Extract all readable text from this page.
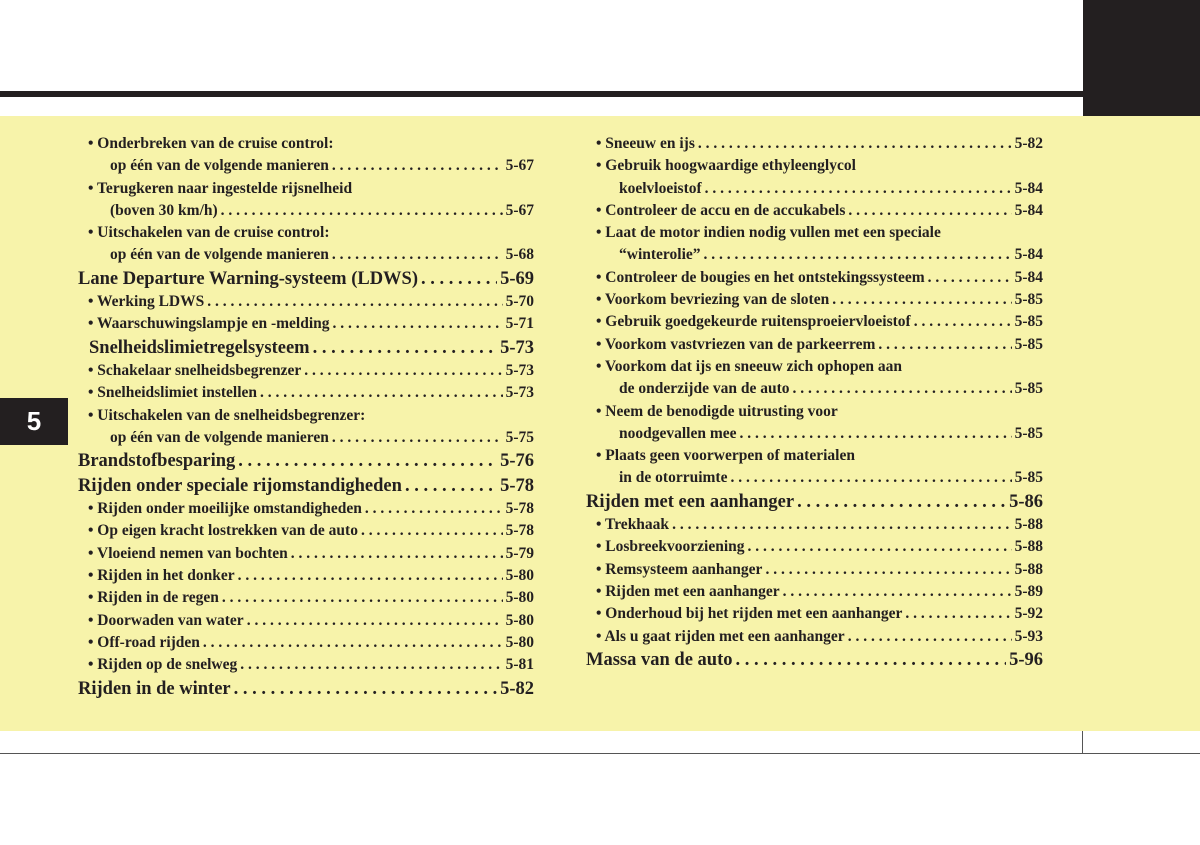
5
• Onderbreken van de cruise control:
op één van de volgende manieren . . .	5-67
• Terugkeren naar ingestelde rijsnelheid
(boven 30 km/h) . . .	5-67
• Uitschakelen van de cruise control:
op één van de volgende manieren . . .	5-68
Lane Departure Warning-systeem (LDWS) . . .	5-69
• Werking LDWS . . .	5-70
• Waarschuwingslampje en -melding . . .	5-71
Snelheidslimietregelsysteem . . .	5-73
• Schakelaar snelheidsbegrenzer . . .	5-73
• Snelheidslimiet instellen . . .	5-73
• Uitschakelen van de snelheidsbegrenzer:
op één van de volgende manieren . . .	5-75
Brandstofbesparing . . .	5-76
Rijden onder speciale rijomstandigheden . . .	5-78
• Rijden onder moeilijke omstandigheden . . .	5-78
• Op eigen kracht lostrekken van de auto . . .	5-78
• Vloeiend nemen van bochten . . .	5-79
• Rijden in het donker . . .	5-80
• Rijden in de regen . . .	5-80
• Doorwaden van water . . .	5-80
• Off-road rijden . . .	5-80
• Rijden op de snelweg . . .	5-81
Rijden in de winter . . .	5-82
• Sneeuw en ijs . . .	5-82
• Gebruik hoogwaardige ethyleenglycol
koelvloeistof . . .	5-84
• Controleer de accu en de accukabels . . .	5-84
• Laat de motor indien nodig vullen met een speciale
“winterolie” . . .	5-84
• Controleer de bougies en het ontstekingssysteem . . .	5-84
• Voorkom bevriezing van de sloten . . .	5-85
• Gebruik goedgekeurde ruitensproeiervloeistof . . .	5-85
• Voorkom vastvriezen van de parkeerrem . . .	5-85
• Voorkom dat ijs en sneeuw zich ophopen aan
de onderzijde van de auto . . .	5-85
• Neem de benodigde uitrusting voor
noodgevallen mee . . .	5-85
• Plaats geen voorwerpen of materialen
in de otorruimte . . .	5-85
Rijden met een aanhanger . . .	5-86
• Trekhaak . . .	5-88
• Losbreekvoorziening . . .	5-88
• Remsysteem aanhanger . . .	5-88
• Rijden met een aanhanger . . .	5-89
• Onderhoud bij het rijden met een aanhanger . . .	5-92
• Als u gaat rijden met een aanhanger . . .	5-93
Massa van de auto . . .	5-96
